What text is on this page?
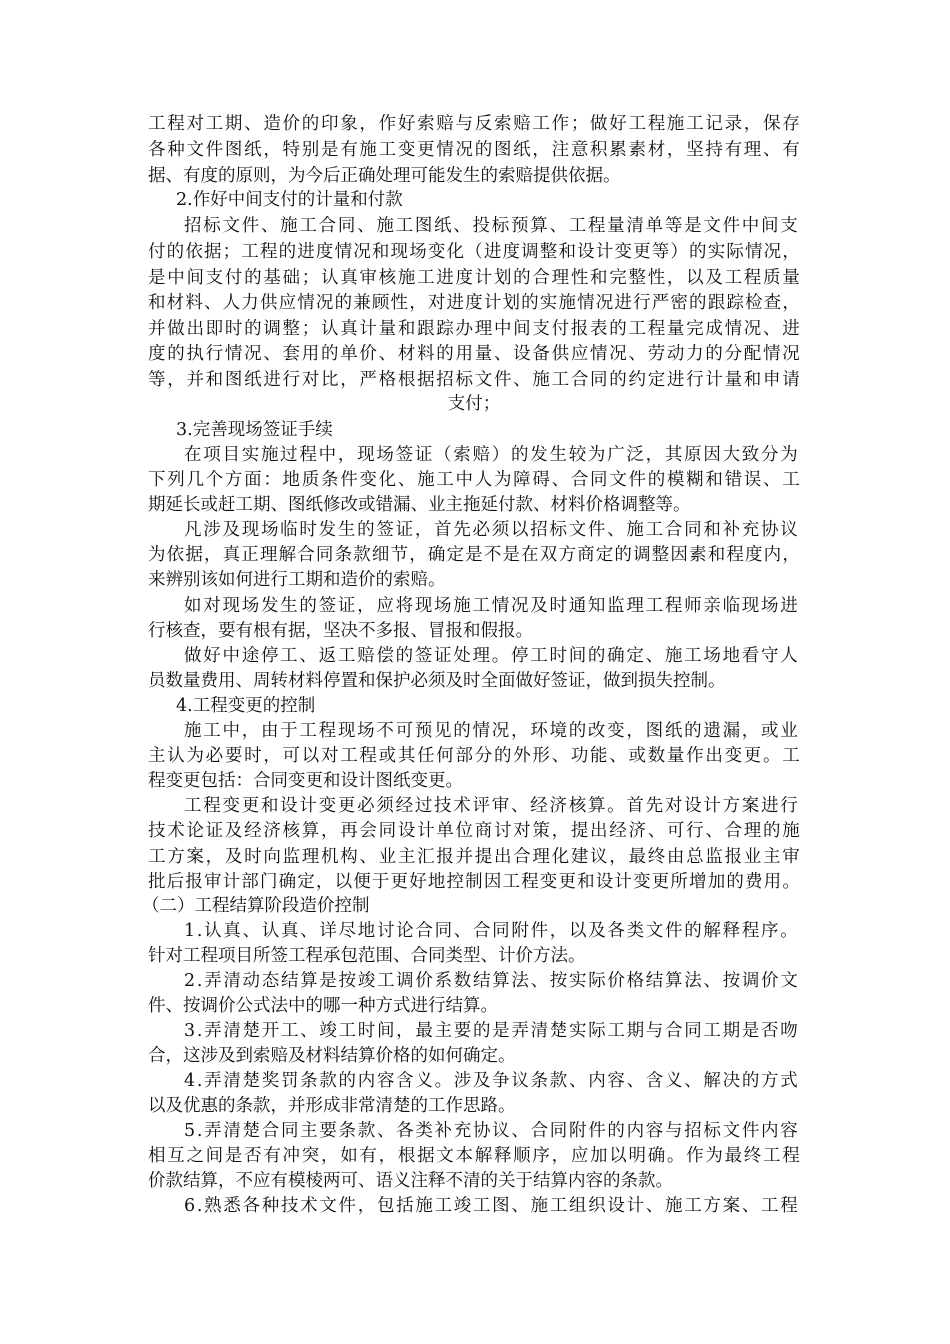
工 程 对 工 期 、 造 价 的 印 象 ， 作 好 索 赔 与 反 索 赔 工 作 ； 做 好 工 程 施 工 记 录 ， 保 存
各 种 文 件 图 纸 ， 特 别 是 有 施 工 变 更 情 况 的 图 纸 ， 注 意 积 累 素 材 ， 坚 持 有 理 、 有
据、有度的原则，为今后正确处理可能发生的索赔提供依据。
2.作好中间支付的计量和付款
招 标 文 件 、 施 工 合 同 、 施 工 图 纸 、 投 标 预 算 、 工 程 量 清 单 等 是 文 件 中 间 支
付 的 依 据 ； 工 程 的 进 度 情 况 和 现 场 变 化 （ 进 度 调 整 和 设 计 变 更 等 ） 的 实 际 情 况 ，
是 中 间 支 付 的 基 础 ； 认 真 审 核 施 工 进 度 计 划 的 合 理 性 和 完 整 性 ， 以 及 工 程 质 量
和 材 料 、 人 力 供 应 情 况 的 兼 顾 性 ， 对 进 度 计 划 的 实 施 情 况 进 行 严 密 的 跟 踪 检 查 ，
并 做 出 即 时 的 调 整 ； 认 真 计 量 和 跟 踪 办 理 中 间 支 付 报 表 的 工 程 量 完 成 情 况 、 进
度 的 执 行 情 况 、 套 用 的 单 价 、 材 料 的 用 量 、 设 备 供 应 情 况 、 劳 动 力 的 分 配 情 况
等 ， 并 和 图 纸 进 行 对 比 ， 严 格 根 据 招 标 文 件 、 施 工 合 同 的 约 定 进 行 计 量 和 申 请
支付；
3.完善现场签证手续
在 项 目 实 施 过 程 中 ， 现 场 签 证 （ 索 赔 ） 的 发 生 较 为 广 泛 ， 其 原 因 大 致 分 为
下 列 几 个 方 面 ： 地 质 条 件 变 化 、 施 工 中 人 为 障 碍 、 合 同 文 件 的 模 糊 和 错 误 、 工
期延长或赶工期、图纸修改或错漏、业主拖延付款、材料价格调整等。
凡 涉 及 现 场 临 时 发 生 的 签 证 ， 首 先 必 须 以 招 标 文 件 、 施 工 合 同 和 补 充 协 议
为 依 据 ， 真 正 理 解 合 同 条 款 细 节 ， 确 定 是 不 是 在 双 方 商 定 的 调 整 因 素 和 程 度 内 ，
来辨别该如何进行工期和造价的索赔。
如 对 现 场 发 生 的 签 证 ， 应 将 现 场 施 工 情 况 及 时 通 知 监 理 工 程 师 亲 临 现 场 进
行核查，要有根有据，坚决不多报、冒报和假报。
做 好 中 途 停 工 、 返 工 赔 偿 的 签 证 处 理 。 停 工 时 间 的 确 定 、 施 工 场 地 看 守 人
员数量费用、周转材料停置和保护必须及时全面做好签证，做到损失控制。
4.工程变更的控制
施 工 中 ， 由 于 工 程 现 场 不 可 预 见 的 情 况 ， 环 境 的 改 变 ， 图 纸 的 遗 漏 ， 或 业
主 认 为 必 要 时 ， 可 以 对 工 程 或 其 任 何 部 分 的 外 形 、 功 能 、 或 数 量 作 出 变 更 。 工
程变更包括：合同变更和设计图纸变更。
工 程 变 更 和 设 计 变 更 必 须 经 过 技 术 评 审 、 经 济 核 算 。 首 先 对 设 计 方 案 进 行
技 术 论 证 及 经 济 核 算 ， 再 会 同 设 计 单 位 商 讨 对 策 ， 提 出 经 济 、 可 行 、 合 理 的 施
工 方 案 ， 及 时 向 监 理 机 构 、 业 主 汇 报 并 提 出 合 理 化 建 议 ， 最 终 由 总 监 报 业 主 审
批 后 报 审 计 部 门 确 定 ， 以 便 于 更 好 地 控 制 因 工 程 变 更 和 设 计 变 更 所 增 加 的 费 用 。
（二）工程结算阶段造价控制
1 . 认 真 、 认 真 、 详 尽 地 讨 论 合 同 、 合 同 附 件 ， 以 及 各 类 文 件 的 解 释 程 序 。
针对工程项目所签工程承包范围、合同类型、计价方法。
2 . 弄 清 动 态 结 算 是 按 竣 工 调 价 系 数 结 算 法 、 按 实 际 价 格 结 算 法 、 按 调 价 文
件、按调价公式法中的哪一种方式进行结算。
3 . 弄 清 楚 开 工 、 竣 工 时 间 ， 最 主 要 的 是 弄 清 楚 实 际 工 期 与 合 同 工 期 是 否 吻
合，这涉及到索赔及材料结算价格的如何确定。
4 . 弄 清 楚 奖 罚 条 款 的 内 容 含 义 。 涉 及 争 议 条 款 、 内 容 、 含 义 、 解 决 的 方 式
以及优惠的条款，并形成非常清楚的工作思路。
5 . 弄 清 楚 合 同 主 要 条 款 、 各 类 补 充 协 议 、 合 同 附 件 的 内 容 与 招 标 文 件 内 容
相 互 之 间 是 否 有 冲 突 ， 如 有 ， 根 据 文 本 解 释 顺 序 ， 应 加 以 明 确 。 作 为 最 终 工 程
价款结算，不应有模棱两可、语义注释不清的关于结算内容的条款。
6 . 熟 悉 各 种 技 术 文 件 ， 包 括 施 工 竣 工 图 、 施 工 组 织 设 计 、 施 工 方 案 、 工 程
